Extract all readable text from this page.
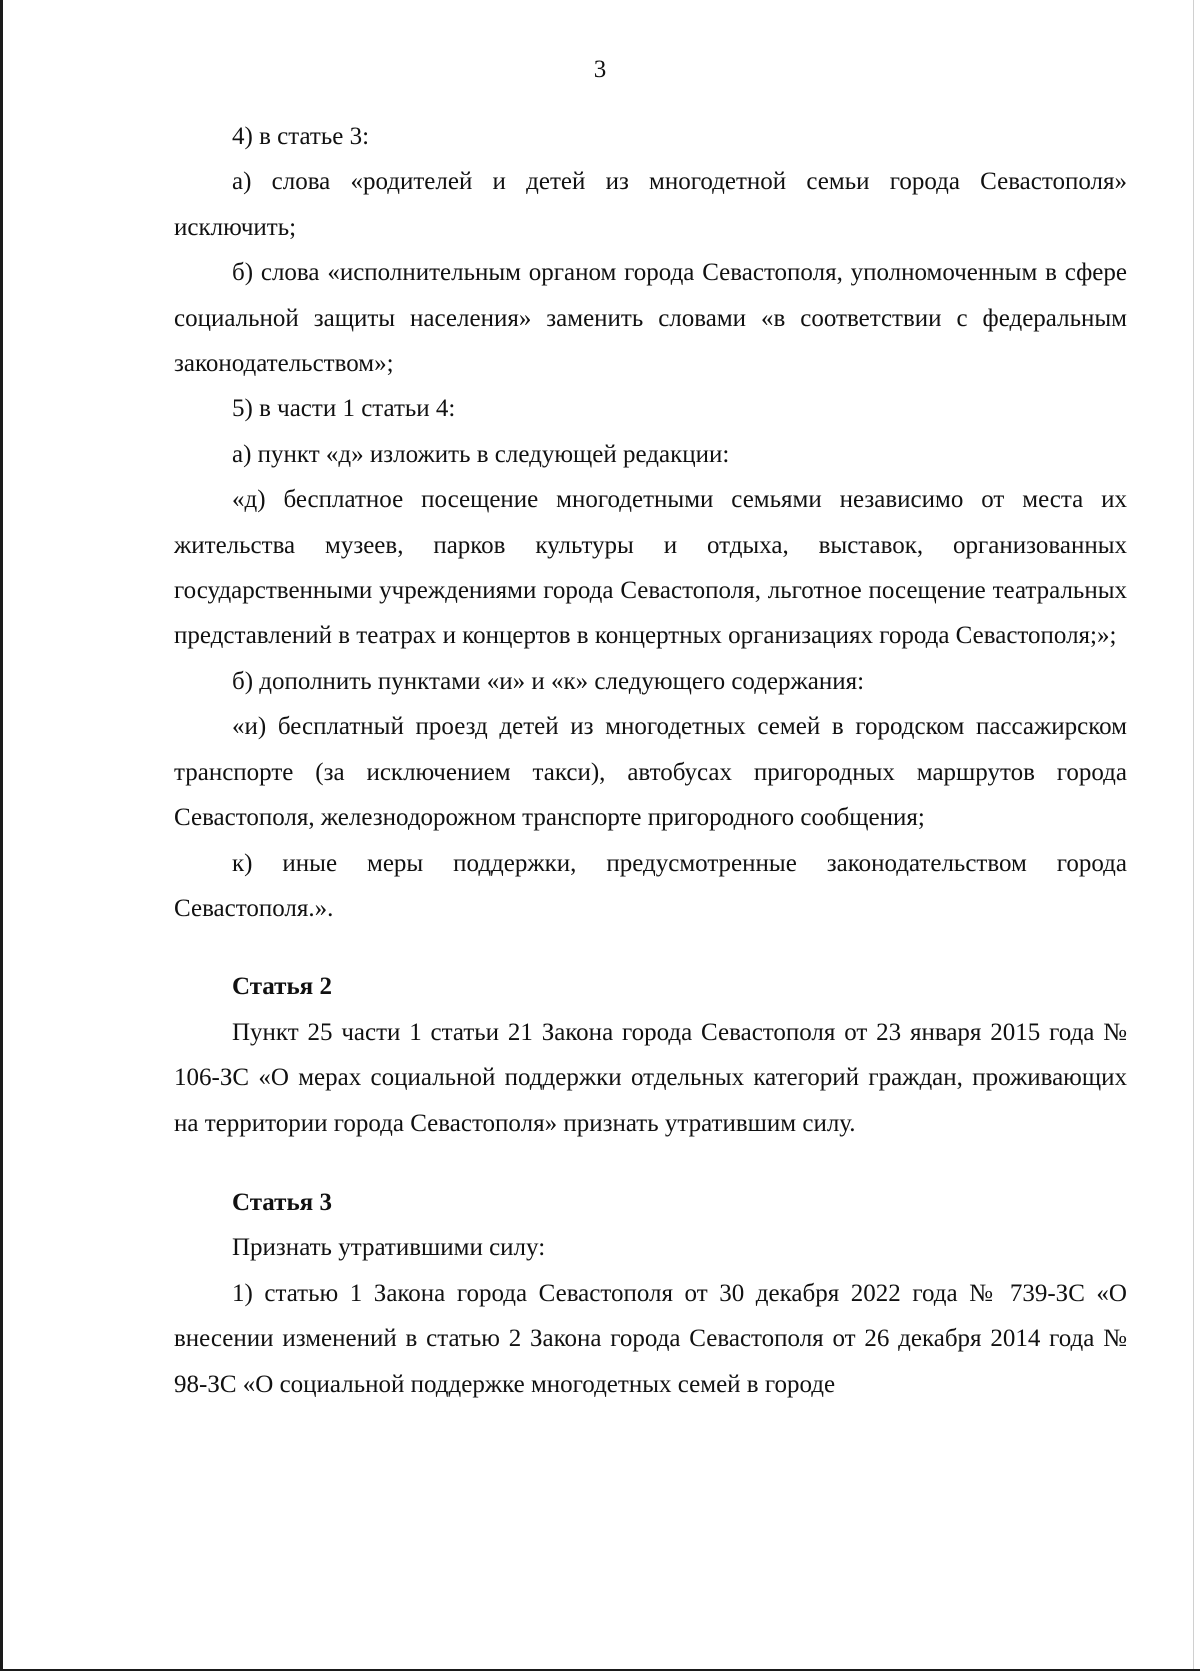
3

4) в статье 3:

а) слова «родителей и детей из многодетной семьи города Севастополя» исключить;

б) слова «исполнительным органом города Севастополя, уполномоченным в сфере социальной защиты населения» заменить словами «в соответствии с федеральным законодательством»;

5) в части 1 статьи 4:

а) пункт «д» изложить в следующей редакции:

«д) бесплатное посещение многодетными семьями независимо от места их жительства музеев, парков культуры и отдыха, выставок, организованных государственными учреждениями города Севастополя, льготное посещение театральных представлений в театрах и концертов в концертных организациях города Севастополя;»;

б) дополнить пунктами «и» и «к» следующего содержания:

«и) бесплатный проезд детей из многодетных семей в городском пассажирском транспорте (за исключением такси), автобусах пригородных маршрутов города Севастополя, железнодорожном транспорте пригородного сообщения;

к) иные меры поддержки, предусмотренные законодательством города Севастополя.».

Статья 2

Пункт 25 части 1 статьи 21 Закона города Севастополя от 23 января 2015 года № 106-ЗС «О мерах социальной поддержки отдельных категорий граждан, проживающих на территории города Севастополя» признать утратившим силу.

Статья 3

Признать утратившими силу:

1) статью 1 Закона города Севастополя от 30 декабря 2022 года № 739-ЗС «О внесении изменений в статью 2 Закона города Севастополя от 26 декабря 2014 года № 98-ЗС «О социальной поддержке многодетных семей в городе
